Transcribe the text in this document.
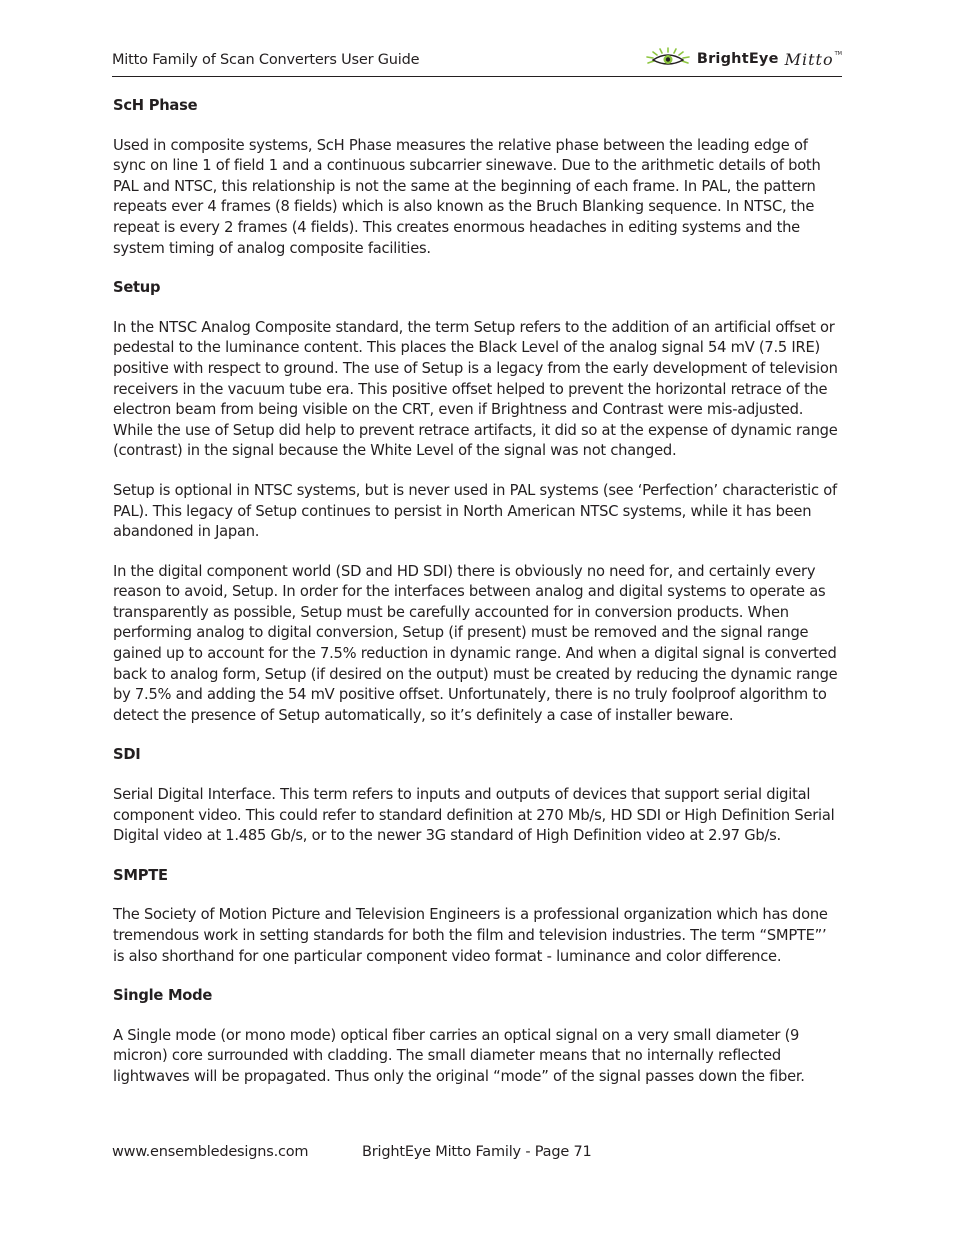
Mitto Family of Scan Converters User Guide	BrightEye Mitto TM
ScH Phase

Used in composite systems, ScH Phase measures the relative phase between the leading edge of sync on line 1 of field 1 and a continuous subcarrier sinewave. Due to the arithmetic details of both PAL and NTSC, this relationship is not the same at the beginning of each frame. In PAL, the pattern repeats ever 4 frames (8 fields) which is also known as the Bruch Blanking sequence. In NTSC, the repeat is every 2 frames (4 fields). This creates enormous headaches in editing systems and the system timing of analog composite facilities.

Setup

In the NTSC Analog Composite standard, the term Setup refers to the addition of an artificial offset or pedestal to the luminance content. This places the Black Level of the analog signal 54 mV (7.5 IRE) positive with respect to ground. The use of Setup is a legacy from the early development of television receivers in the vacuum tube era. This positive offset helped to prevent the horizontal retrace of the electron beam from being visible on the CRT, even if Brightness and Contrast were mis-adjusted. While the use of Setup did help to prevent retrace artifacts, it did so at the expense of dynamic range (contrast) in the signal because the White Level of the signal was not changed.

Setup is optional in NTSC systems, but is never used in PAL systems (see ‘Perfection’ characteristic of PAL). This legacy of Setup continues to persist in North American NTSC systems, while it has been abandoned in Japan.

In the digital component world (SD and HD SDI) there is obviously no need for, and certainly every reason to avoid, Setup. In order for the interfaces between analog and digital systems to operate as transparently as possible, Setup must be carefully accounted for in conversion products. When performing analog to digital conversion, Setup (if present) must be removed and the signal range gained up to account for the 7.5% reduction in dynamic range. And when a digital signal is converted back to analog form, Setup (if desired on the output) must be created by reducing the dynamic range by 7.5% and adding the 54 mV positive offset. Unfortunately, there is no truly foolproof algorithm to detect the presence of Setup automatically, so it’s definitely a case of installer beware.

SDI

Serial Digital Interface. This term refers to inputs and outputs of devices that support serial digital component video. This could refer to standard definition at 270 Mb/s, HD SDI or High Definition Serial Digital video at 1.485 Gb/s, or to the newer 3G standard of High Definition video at 2.97 Gb/s.

SMPTE

The Society of Motion Picture and Television Engineers is a professional organization which has done tremendous work in setting standards for both the film and television industries. The term “SMPTE”’ is also shorthand for one particular component video format - luminance and color difference.

Single Mode

A Single mode (or mono mode) optical fiber carries an optical signal on a very small diameter (9 micron) core surrounded with cladding. The small diameter means that no internally reflected lightwaves will be propagated. Thus only the original “mode” of the signal passes down the fiber.

www.ensembledesigns.com	BrightEye Mitto Family - Page 71
